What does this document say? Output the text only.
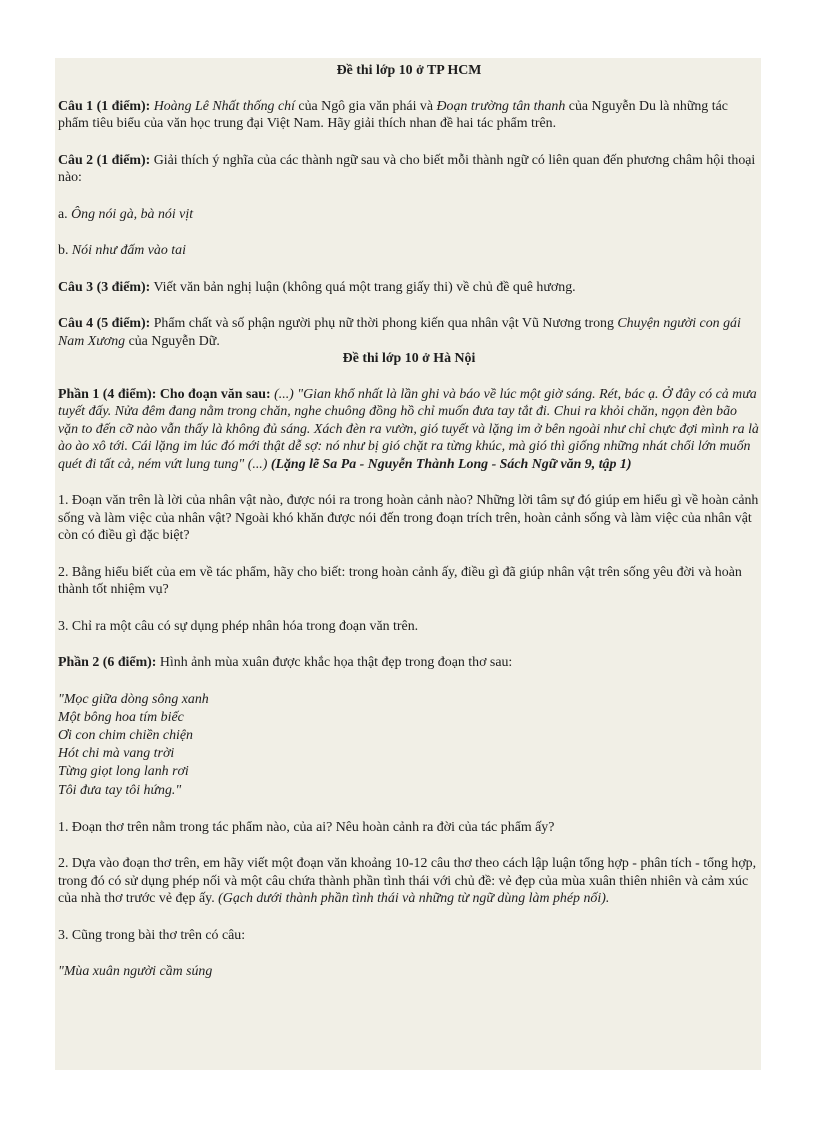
Đề thi lớp 10 ở TP HCM

Câu 1 (1 điểm): Hoàng Lê Nhất thống chí của Ngô gia văn phái và Đoạn trường tân thanh của Nguyễn Du là những tác phẩm tiêu biểu của văn học trung đại Việt Nam. Hãy giải thích nhan đề hai tác phẩm trên.

Câu 2 (1 điểm): Giải thích ý nghĩa của các thành ngữ sau và cho biết mỗi thành ngữ có liên quan đến phương châm hội thoại nào:

a. Ông nói gà, bà nói vịt

b. Nói như đấm vào tai

Câu 3 (3 điểm): Viết văn bản nghị luận (không quá một trang giấy thi) về chủ đề quê hương.

Câu 4 (5 điểm): Phẩm chất và số phận người phụ nữ thời phong kiến qua nhân vật Vũ Nương trong Chuyện người con gái Nam Xương của Nguyễn Dữ.

Đề thi lớp 10 ở Hà Nội

Phần 1 (4 điểm): Cho đoạn văn sau: (...) "Gian khổ nhất là lần ghi và báo về lúc một giờ sáng. Rét, bác ạ. Ở đây có cả mưa tuyết đấy. Nửa đêm đang nằm trong chăn, nghe chuông đồng hồ chỉ muốn đưa tay tắt đi. Chui ra khỏi chăn, ngọn đèn bão vặn to đến cỡ nào vẫn thấy là không đủ sáng. Xách đèn ra vườn, gió tuyết và lặng im ở bên ngoài như chỉ chực đợi mình ra là ào ào xô tới. Cái lặng im lúc đó mới thật dễ sợ: nó như bị gió chặt ra từng khúc, mà gió thì giống những nhát chổi lớn muốn quét đi tất cả, ném vứt lung tung" (...) (Lặng lẽ Sa Pa - Nguyễn Thành Long - Sách Ngữ văn 9, tập 1)

1. Đoạn văn trên là lời của nhân vật nào, được nói ra trong hoàn cảnh nào? Những lời tâm sự đó giúp em hiểu gì về hoàn cảnh sống và làm việc của nhân vật? Ngoài khó khăn được nói đến trong đoạn trích trên, hoàn cảnh sống và làm việc của nhân vật còn có điều gì đặc biệt?

2. Bằng hiểu biết của em về tác phẩm, hãy cho biết: trong hoàn cảnh ấy, điều gì đã giúp nhân vật trên sống yêu đời và hoàn thành tốt nhiệm vụ?

3. Chỉ ra một câu có sự dụng phép nhân hóa trong đoạn văn trên.

Phần 2 (6 điểm): Hình ảnh mùa xuân được khắc họa thật đẹp trong đoạn thơ sau:

"Mọc giữa dòng sông xanh
Một bông hoa tím biếc
Ơi con chim chiền chiện
Hót chi mà vang trời
Từng giọt long lanh rơi
Tôi đưa tay tôi hứng."

1. Đoạn thơ trên nằm trong tác phẩm nào, của ai? Nêu hoàn cảnh ra đời của tác phẩm ấy?

2. Dựa vào đoạn thơ trên, em hãy viết một đoạn văn khoảng 10-12 câu thơ theo cách lập luận tổng hợp - phân tích - tổng hợp, trong đó có sử dụng phép nối và một câu chứa thành phần tình thái với chủ đề: vẻ đẹp của mùa xuân thiên nhiên và cảm xúc của nhà thơ trước vẻ đẹp ấy. (Gạch dưới thành phần tình thái và những từ ngữ dùng làm phép nối).

3. Cũng trong bài thơ trên có câu:

"Mùa xuân người cầm súng
